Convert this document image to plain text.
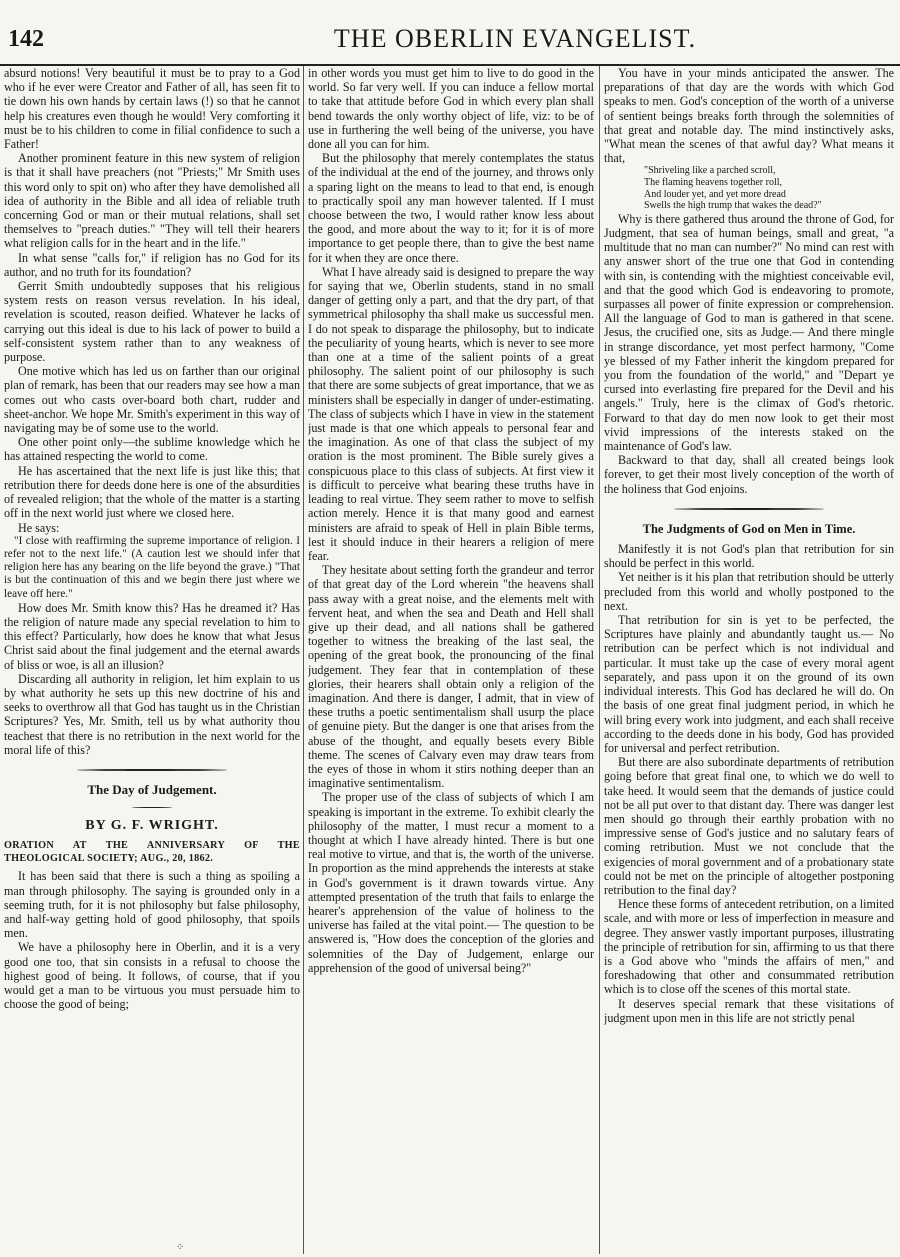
142	THE OBERLIN EVANGELIST.

absurd notions! Very beautiful it must be to pray to a God who if he ever were Creator and Father of all, has seen fit to tie down his own hands by certain laws (!) so that he cannot help his creatures even though he would! Very comforting it must be to his children to come in filial confidence to such a Father!

Another prominent feature in this new system of religion is that it shall have preachers (not "Priests;" Mr Smith uses this word only to spit on) who after they have demolished all idea of authority in the Bible and all idea of reliable truth concerning God or man or their mutual relations, shall set themselves to "preach duties." "They will tell their hearers what religion calls for in the heart and in the life."

In what sense "calls for," if religion has no God for its author, and no truth for its foundation?

Gerrit Smith undoubtedly supposes that his religious system rests on reason versus revelation. In his ideal, revelation is scouted, reason deified. Whatever he lacks of carrying out this ideal is due to his lack of power to build a self-consistent system rather than to any weakness of purpose.

One motive which has led us on farther than our original plan of remark, has been that our readers may see how a man comes out who casts over-board both chart, rudder and sheet-anchor. We hope Mr. Smith's experiment in this way of navigating may be of some use to the world.

One other point only—the sublime knowledge which he has attained respecting the world to come.

He has ascertained that the next life is just like this; that retribution there for deeds done here is one of the absurdities of revealed religion; that the whole of the matter is a starting off in the next world just where we closed here.

He says:

"I close with reaffirming the supreme importance of religion. I refer not to the next life." (A caution lest we should infer that religion here has any bearing on the life beyond the grave.) "That is but the continuation of this and we begin there just where we leave off here."

How does Mr. Smith know this? Has he dreamed it? Has the religion of nature made any special revelation to him to this effect? Particularly, how does he know that what Jesus Christ said about the final judgement and the eternal awards of bliss or woe, is all an illusion?

Discarding all authority in religion, let him explain to us by what authority he sets up this new doctrine of his and seeks to overthrow all that God has taught us in the Christian Scriptures? Yes, Mr. Smith, tell us by what authority thou teachest that there is no retribution in the next world for the moral life of this?

The Day of Judgement.
BY G. F. WRIGHT.

ORATION AT THE ANNIVERSARY OF THE THEOLOGICAL SOCIETY; AUG., 20, 1862.

It has been said that there is such a thing as spoiling a man through philosophy. The saying is grounded only in a seeming truth, for it is not philosophy but false philosophy, and half-way getting hold of good philosophy, that spoils men.

We have a philosophy here in Oberlin, and it is a very good one too, that sin consists in a refusal to choose the highest good of being. It follows, of course, that if you would get a man to be virtuous you must persuade him to choose the good of being;

⁘

in other words you must get him to live to do good in the world. So far very well. If you can induce a fellow mortal to take that attitude before God in which every plan shall bend towards the only worthy object of life, viz: to be of use in furthering the well being of the universe, you have done all you can for him.

But the philosophy that merely contemplates the status of the individual at the end of the journey, and throws only a sparing light on the means to lead to that end, is enough to practically spoil any man however talented. If I must choose between the two, I would rather know less about the good, and more about the way to it; for it is of more importance to get people there, than to give the best name for it when they are once there.

What I have already said is designed to prepare the way for saying that we, Oberlin students, stand in no small danger of getting only a part, and that the dry part, of that symmetrical philosophy tha shall make us successful men. I do not speak to disparage the philosophy, but to indicate the peculiarity of young hearts, which is never to see more than one at a time of the salient points of a great philosophy. The salient point of our philosophy is such that there are some subjects of great importance, that we as ministers shall be especially in danger of under-estimating. The class of subjects which I have in view in the statement just made is that one which appeals to personal fear and the imagination. As one of that class the subject of my oration is the most prominent. The Bible surely gives a conspicuous place to this class of subjects. At first view it is difficult to perceive what bearing these truths have in leading to real virtue. They seem rather to move to selfish action merely. Hence it is that many good and earnest ministers are afraid to speak of Hell in plain Bible terms, lest it should induce in their hearers a religion of mere fear.

They hesitate about setting forth the grandeur and terror of that great day of the Lord wherein "the heavens shall pass away with a great noise, and the elements melt with fervent heat, and when the sea and Death and Hell shall give up their dead, and all nations shall be gathered together to witness the breaking of the last seal, the opening of the great book, the pronouncing of the final judgement. They fear that in contemplation of these glories, their hearers shall obtain only a religion of the imagination. And there is danger, I admit, that in view of these truths a poetic sentimentalism shall usurp the place of genuine piety. But the danger is one that arises from the abuse of the thought, and equally besets every Bible theme. The scenes of Calvary even may draw tears from the eyes of those in whom it stirs nothing deeper than an imaginative sentimentalism.

The proper use of the class of subjects of which I am speaking is important in the extreme. To exhibit clearly the philosophy of the matter, I must recur a moment to a thought at which I have already hinted. There is but one real motive to virtue, and that is, the worth of the universe. In proportion as the mind apprehends the interests at stake in God's government is it drawn towards virtue. Any attempted presentation of the truth that fails to enlarge the hearer's apprehension of the value of holiness to the universe has failed at the vital point.— The question to be answered is, "How does the conception of the glories and solemnities of the Day of Judgement, enlarge our apprehension of the good of universal being?"

You have in your minds anticipated the answer. The preparations of that day are the words with which God speaks to men. God's conception of the worth of a universe of sentient beings breaks forth through the solemnities of that great and notable day. The mind instinctively asks, "What mean the scenes of that awful day? What means it that,

"Shriveling like a parched scroll,

The flaming heavens together roll,

And louder yet, and yet more dread

Swells the high trump that wakes the dead?"

Why is there gathered thus around the throne of God, for Judgment, that sea of human beings, small and great, "a multitude that no man can number?" No mind can rest with any answer short of the true one that God in contending with sin, is contending with the mightiest conceivable evil, and that the good which God is endeavoring to promote, surpasses all power of finite expression or comprehension. All the language of God to man is gathered in that scene. Jesus, the crucified one, sits as Judge.— And there mingle in strange discordance, yet most perfect harmony, "Come ye blessed of my Father inherit the kingdom prepared for you from the foundation of the world," and "Depart ye cursed into everlasting fire prepared for the Devil and his angels." Truly, here is the climax of God's rhetoric. Forward to that day do men now look to get their most vivid impressions of the interests staked on the maintenance of God's law.

Backward to that day, shall all created beings look forever, to get their most lively conception of the worth of the holiness that God enjoins.

The Judgments of God on Men in Time.

Manifestly it is not God's plan that retribution for sin should be perfect in this world.

Yet neither is it his plan that retribution should be utterly precluded from this world and wholly postponed to the next.

That retribution for sin is yet to be perfected, the Scriptures have plainly and abundantly taught us.— No retribution can be perfect which is not individual and particular. It must take up the case of every moral agent separately, and pass upon it on the ground of its own individual interests. This God has declared he will do. On the basis of one great final judgment period, in which he will bring every work into judgment, and each shall receive according to the deeds done in his body, God has provided for universal and perfect retribution.

But there are also subordinate departments of retribution going before that great final one, to which we do well to take heed. It would seem that the demands of justice could not be all put over to that distant day. There was danger lest men should go through their earthly probation with no impressive sense of God's justice and no salutary fears of coming retribution. Must we not conclude that the exigencies of moral government and of a probationary state could not be met on the principle of altogether postponing retribution to the final day?

Hence these forms of antecedent retribution, on a limited scale, and with more or less of imperfection in measure and degree. They answer vastly important purposes, illustrating the principle of retribution for sin, affirming to us that there is a God above who "minds the affairs of men," and foreshadowing that other and consummated retribution which is to close off the scenes of this mortal state.

It deserves special remark that these visitations of judgment upon men in this life are not strictly penal
